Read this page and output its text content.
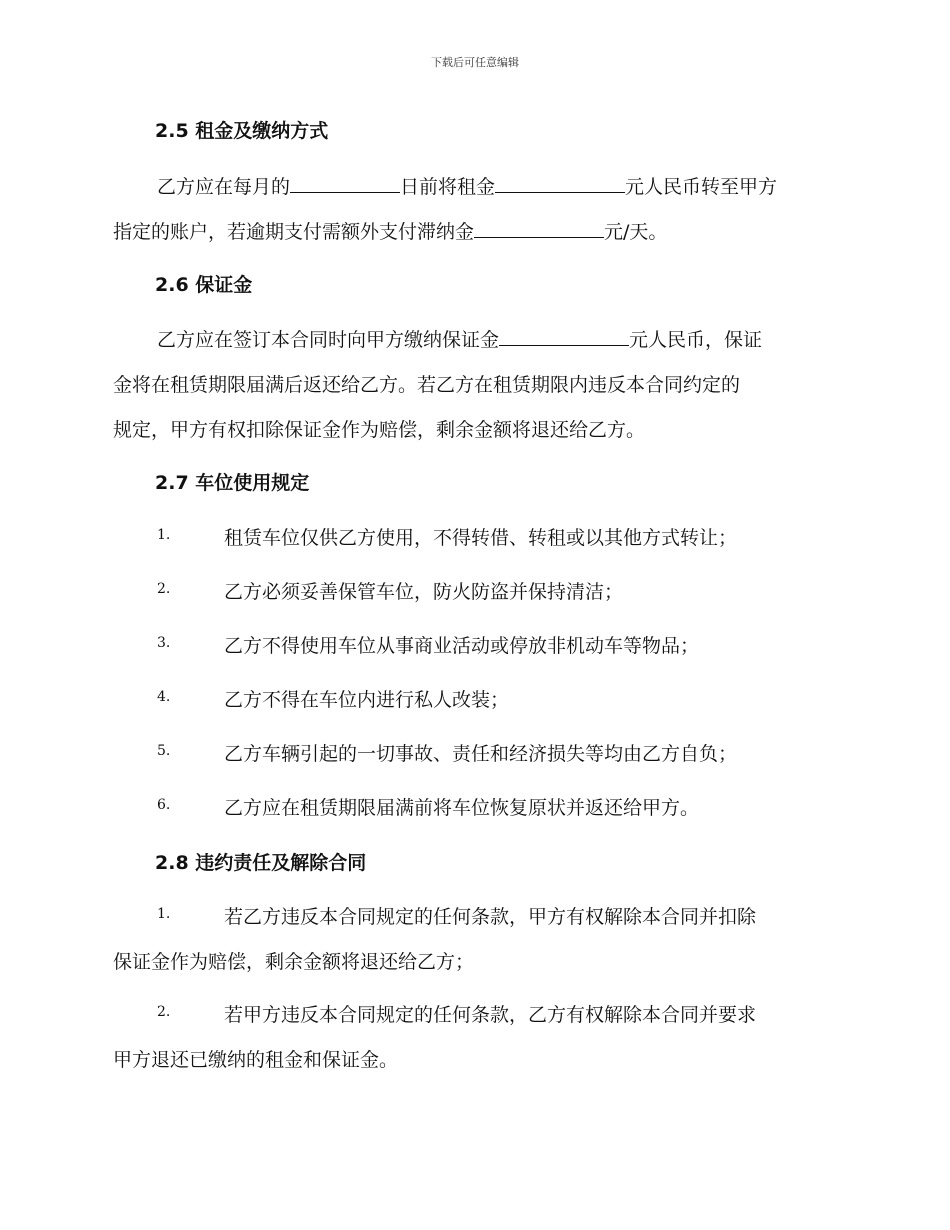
下载后可任意编辑
2.5 租金及缴纳方式
乙方应在每月的	日前将租金	元人民币转至甲方
指定的账户，若逾期支付需额外支付滞纳金	元/天。
2.6 保证金
乙方应在签订本合同时向甲方缴纳保证金	元人民币，保证
金将在租赁期限届满后返还给乙方。若乙方在租赁期限内违反本合同约定的
规定，甲方有权扣除保证金作为赔偿，剩余金额将退还给乙方。
2.7 车位使用规定
1.	租赁车位仅供乙方使用，不得转借、转租或以其他方式转让；
2.	乙方必须妥善保管车位，防火防盗并保持清洁；
3.	乙方不得使用车位从事商业活动或停放非机动车等物品；
4.	乙方不得在车位内进行私人改装；
5.	乙方车辆引起的一切事故、责任和经济损失等均由乙方自负；
6.	乙方应在租赁期限届满前将车位恢复原状并返还给甲方。
2.8 违约责任及解除合同
1.	若乙方违反本合同规定的任何条款，甲方有权解除本合同并扣除
保证金作为赔偿，剩余金额将退还给乙方；
2.	若甲方违反本合同规定的任何条款，乙方有权解除本合同并要求
甲方退还已缴纳的租金和保证金。
